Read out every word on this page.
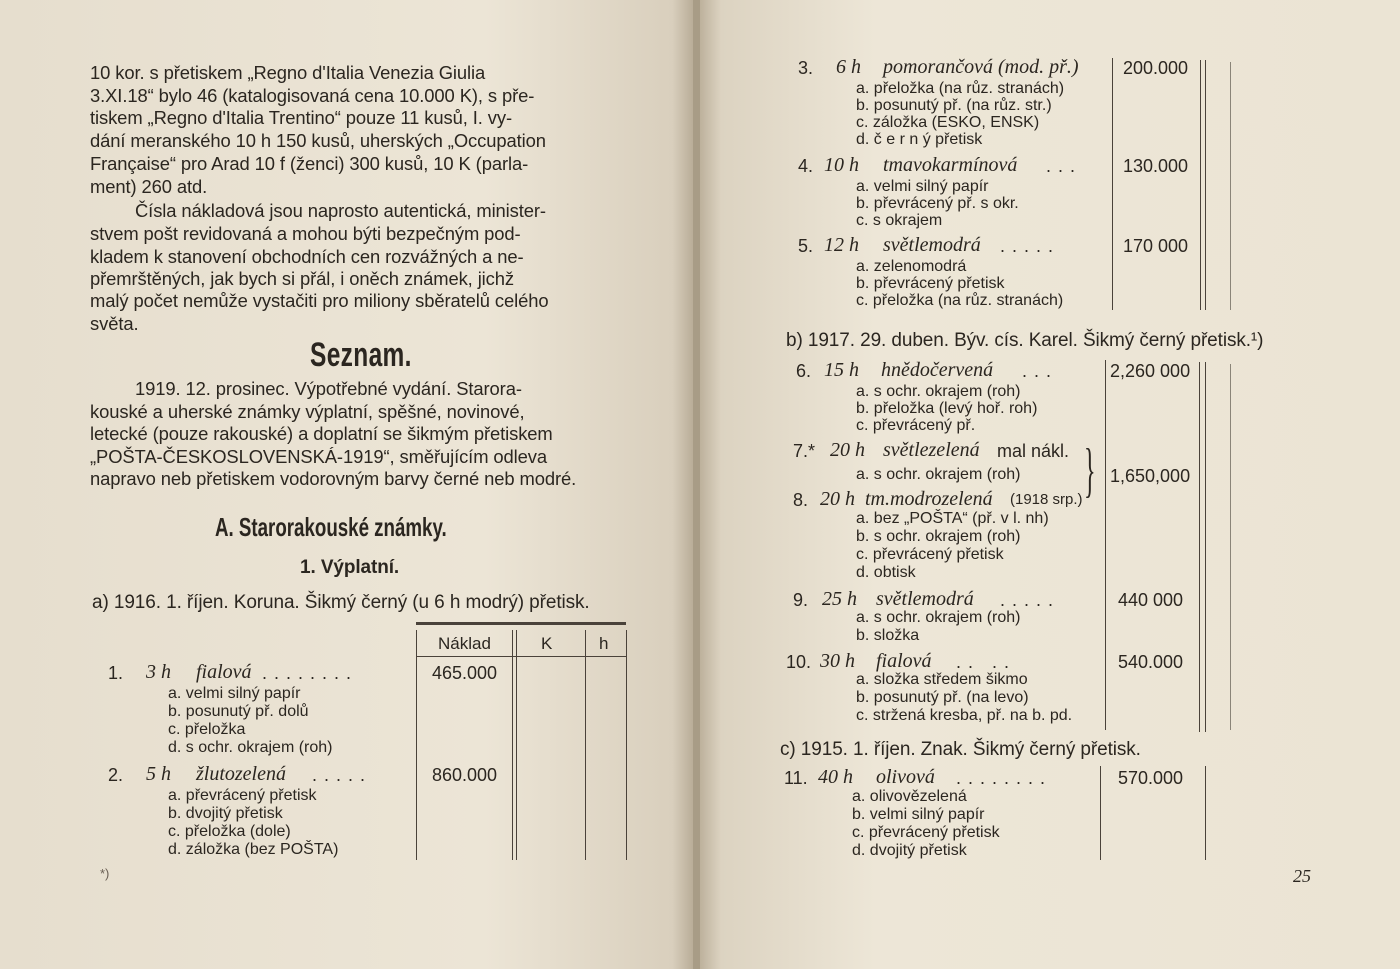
10 kor. s přetiskem „Regno d'Italia Venezia Giulia
3.XI.18“ bylo 46 (katalogisovaná cena 10.000 K), s pře-
tiskem „Regno d'Italia Trentino“ pouze 11 kusů, I. vy-
dání meranského 10 h 150 kusů, uherských „Occupation
Française“ pro Arad 10 f (ženci) 300 kusů, 10 K (parla-
ment) 260 atd.
Čísla nákladová jsou naprosto autentická, minister-
stvem pošt revidovaná a mohou býti bezpečným pod-
kladem k stanovení obchodních cen rozvážných a ne-
přemrštěných, jak bych si přál, i oněch známek, jichž
malý počet nemůže vystačiti pro miliony sběratelů celého
světa.
Seznam.
1919. 12. prosinec. Výpotřebné vydání. Starora-
kouské a uherské známky výplatní, spěšné, novinové,
letecké (pouze rakouské) a doplatní se šikmým přetiskem
„POŠTA-ČESKOSLOVENSKÁ-1919“, směřujícím odleva
napravo neb přetiskem vodorovným barvy černé neb modré.
A. Starorakouské známky.
1. Výplatní.
a) 1916. 1. říjen. Koruna. Šikmý černý (u 6 h modrý) přetisk.
Náklad	K	h
1. 3 h fialová . . . . . . . .	465.000
a. velmi silný papír
b. posunutý př. dolů
c. přeložka
d. s ochr. okrajem (roh)
2. 5 h žlutozelená . . . . .	860.000
a. převrácený přetisk
b. dvojitý přetisk
c. přeložka (dole)
d. záložka (bez POŠTA)
*)
3. 6 h pomorančová (mod. př.) 200.000
a. přeložka (na růz. stranách)
b. posunutý př. (na růz. str.)
c. záložka (ESKO, ENSK)
d. č e r n ý přetisk
4. 10 h tmavokarmínová . . .	130.000
a. velmi silný papír
b. převrácený př. s okr.
c. s okrajem
5. 12 h světlemodrá . . . . .	170 000
a. zelenomodrá
b. převrácený přetisk
c. přeložka (na růz. stranách)
b) 1917. 29. duben. Býv. cís. Karel. Šikmý černý přetisk.¹)
6. 15 h hnědočervená . . .	2,260 000
a. s ochr. okrajem (roh)
b. přeložka (levý hoř. roh)
c. převrácený př.
7.* 20 h světlezelená mal nákl.
a. s ochr. okrajem (roh) } 1,650,000
8. 20 h tm.modrozelená (1918 srp.)
a. bez „POŠTA“ (př. v l. nh)
b. s ochr. okrajem (roh)
c. převrácený přetisk
d. obtisk
9. 25 h světlemodrá . . . . .	440 000
a. s ochr. okrajem (roh)
b. složka
10. 30 h fialová . .   . .	540.000
a. složka středem šikmo
b. posunutý př. (na levo)
c. stržená kresba, př. na b. pd.
c) 1915. 1. říjen. Znak. Šikmý černý přetisk.
11. 40 h olivová . . . . . . . .	570.000
a. olivovězelená
b. velmi silný papír
c. převrácený přetisk
d. dvojitý přetisk
25
